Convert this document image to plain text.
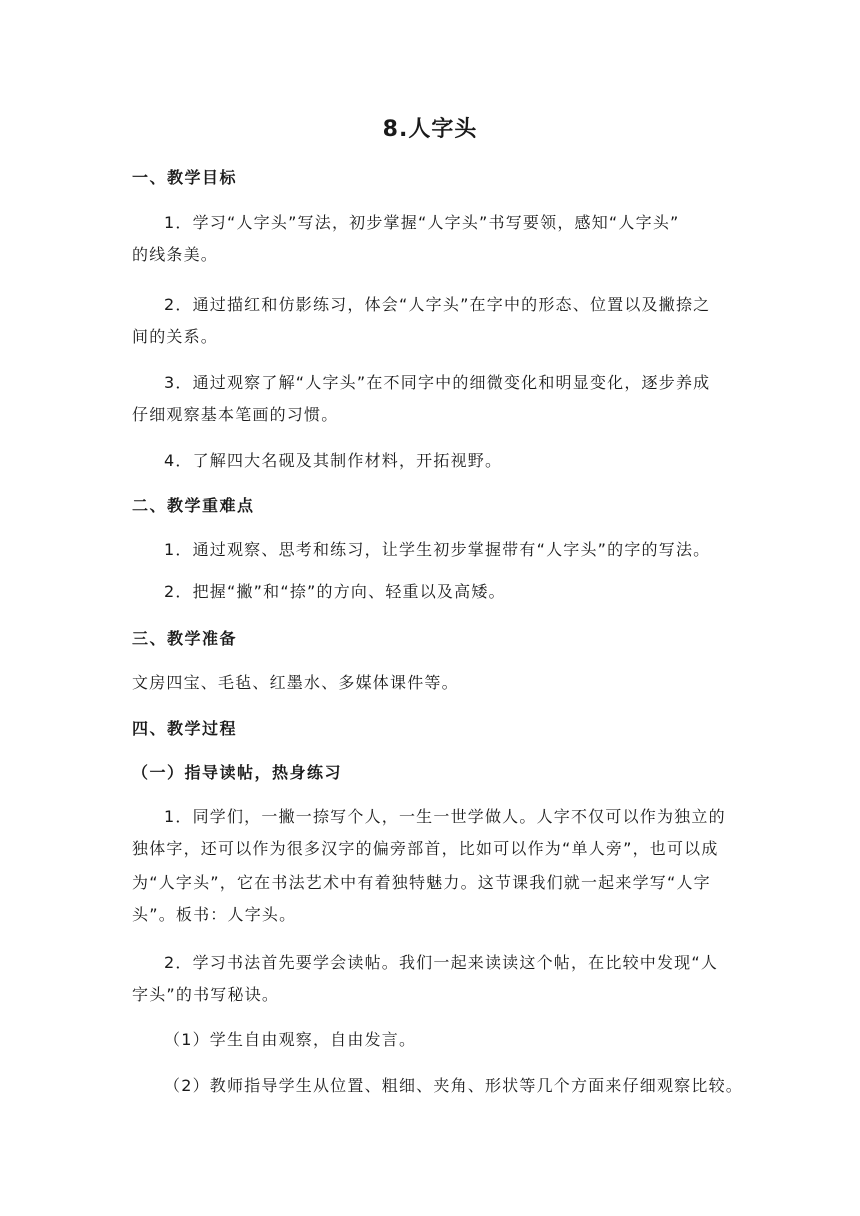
8.人字头
一、教学目标
1．学习“人字头”写法，初步掌握“人字头”书写要领，感知“人字头”
的线条美。
2．通过描红和仿影练习，体会“人字头”在字中的形态、位置以及撇捺之
间的关系。
3．通过观察了解“人字头”在不同字中的细微变化和明显变化，逐步养成
仔细观察基本笔画的习惯。
4．了解四大名砚及其制作材料，开拓视野。
二、教学重难点
1．通过观察、思考和练习，让学生初步掌握带有“人字头”的字的写法。
2．把握“撇”和“捺”的方向、轻重以及高矮。
三、教学准备
文房四宝、毛毡、红墨水、多媒体课件等。
四、教学过程
（一）指导读帖，热身练习
1．同学们，一撇一捺写个人，一生一世学做人。人字不仅可以作为独立的
独体字，还可以作为很多汉字的偏旁部首，比如可以作为“单人旁”，也可以成
为“人字头”，它在书法艺术中有着独特魅力。这节课我们就一起来学写“人字
头”。板书：人字头。
2．学习书法首先要学会读帖。我们一起来读读这个帖，在比较中发现“人
字头”的书写秘诀。
（1）学生自由观察，自由发言。
（2）教师指导学生从位置、粗细、夹角、形状等几个方面来仔细观察比较。
